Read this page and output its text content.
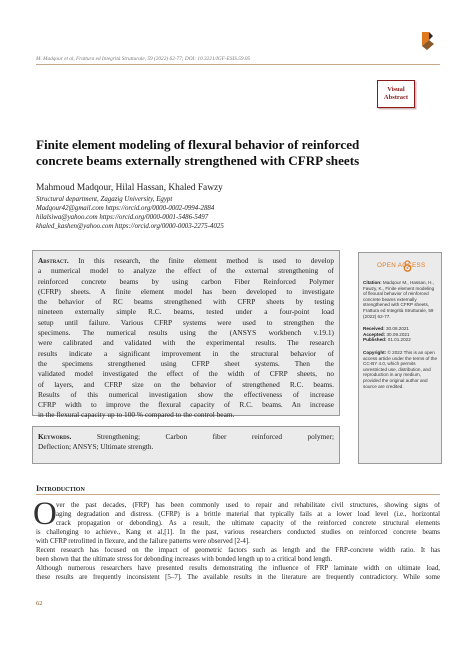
M. Madqour et al, Frattura ed Integrità Strutturale, 59 (2022) 62-77; DOI: 10.3221/IGF-ESIS.59.05
Visual
Abstract
Finite element modeling of flexural behavior of reinforced
concrete beams externally strengthened with CFRP sheets
Mahmoud Madqour, Hilal Hassan, Khaled Fawzy
Structural department, Zagazig University, Egypt
Madqour42@gmail.com https://orcid.org/0000-0002-0994-2884
hilalsiwa@yahoo.com https://orcid.org/0000-0001-5486-5497
khaled_kashen@yahoo.com https://orcid.org/0000-0003-2275-4025
Abstract. In this research, the finite element method is used to develop
a numerical model to analyze the effect of the external strengthening of
reinforced concrete beams by using carbon Fiber Reinforced Polymer
(CFRP) sheets. A finite element model has been developed to investigate
the behavior of RC beams strengthened with CFRP sheets by testing
nineteen externally simple R.C. beams, tested under a four-point load
setup until failure. Various CFRP systems were used to strengthen the
specimens. The numerical results using the (ANSYS workbench v.19.1)
were calibrated and validated with the experimental results. The research
results indicate a significant improvement in the structural behavior of
the specimens strengthened using CFRP sheet systems. Then the
validated model investigated the effect of the width of CFRP sheets, no
of layers, and CFRP size on the behavior of strengthened R.C. beams.
Results of this numerical investigation show the effectiveness of increase
CFRP width to improve the flexural capacity of R.C. beams. An increase
in the flexural capacity up to 100 % compared to the control beam.
Keywords. Strengthening; Carbon fiber reinforced polymer;
Deflection; ANSYS; Ultimate strength.
OPEN ACCESS
Citation: Madqour M., Hassan, H., Fawzy, K., Finite element modeling of flexural behavior of reinforced concrete beams externally strengthened with CFRP sheets, Frattura ed Integrità Strutturale, 59 (2022) 62-77.
Received: 30.08.2021
Accepted: 30.09.2021
Published: 01.01.2022
Copyright: © 2022 This is an open access article under the terms of the CC-BY 4.0, which permits unrestricted use, distribution, and reproduction in any medium, provided the original author and source are credited.
Introduction
O ver the past decades, (FRP) has been commonly used to repair and rehabilitate civil structures, showing signs of
aging degradation and distress. (CFRP) is a brittle material that typically fails at a lower load level (i.e., horizontal
crack propagation or debonding). As a result, the ultimate capacity of the reinforced concrete structural elements
is challenging to achieve., Kang et al,[1]. In the past, various researchers conducted studies on reinforced concrete beams
with CFRP retrofitted in flexure, and the failure patterns were observed [2-4].
Recent research has focused on the impact of geometric factors such as length and the FRP-concrete width ratio. It has
been shown that the ultimate stress for debonding increases with bonded length up to a critical bond length.
Although numerous researchers have presented results demonstrating the influence of FRP laminate width on ultimate load,
these results are frequently inconsistent [5–7]. The available results in the literature are frequently contradictory. While some
62
